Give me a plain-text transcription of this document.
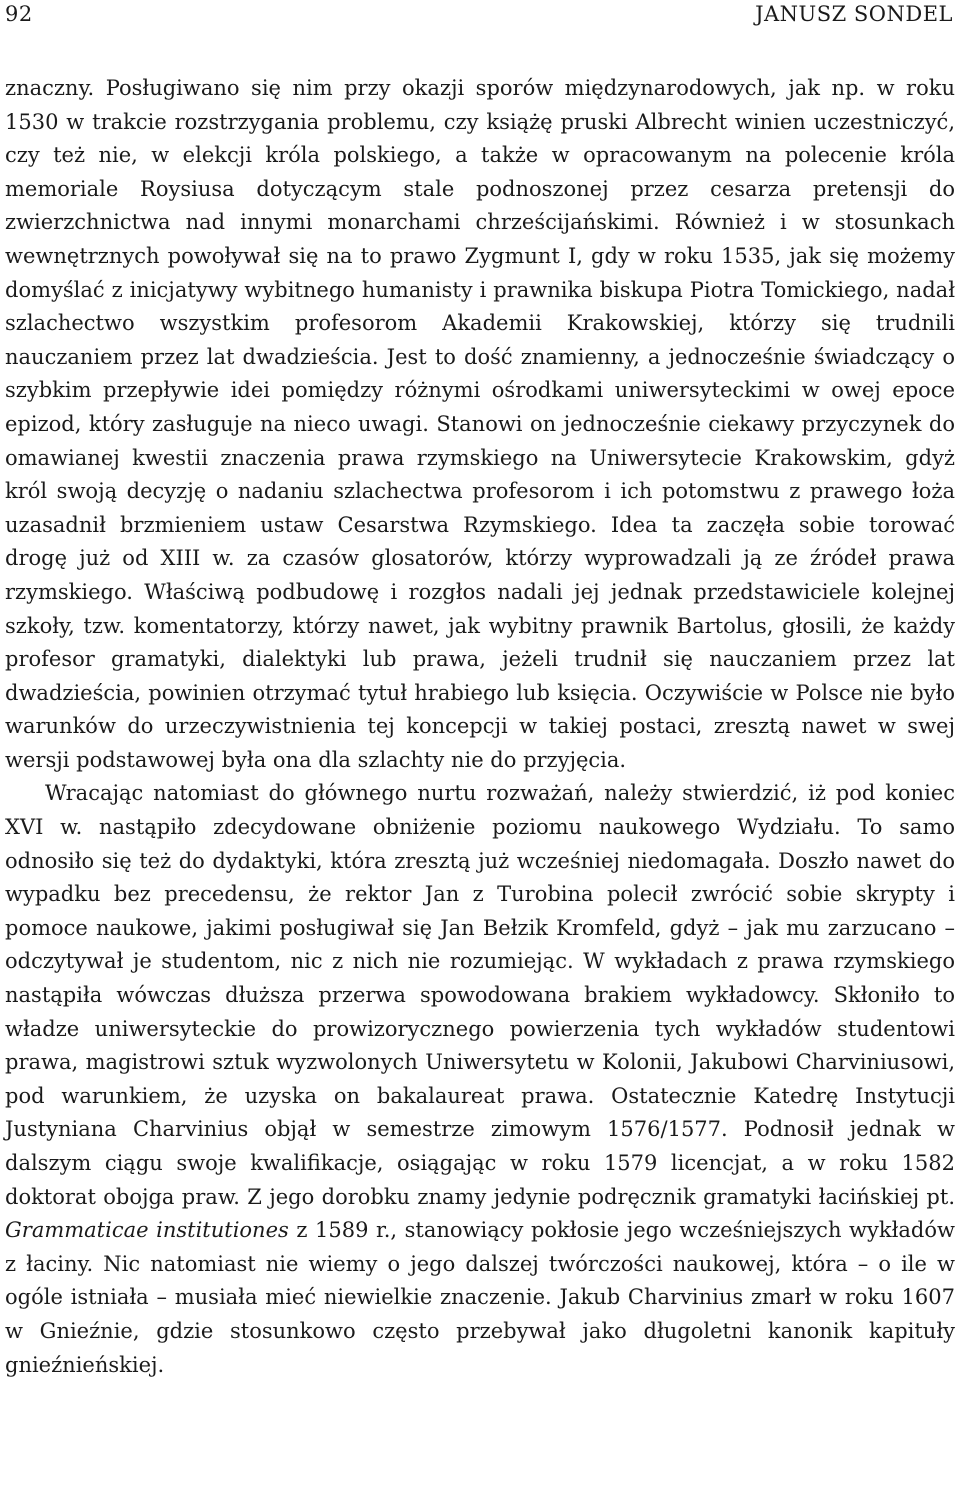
92	JANUSZ SONDEL

znaczny. Posługiwano się nim przy okazji sporów międzynarodowych, jak np. w roku 1530 w trakcie rozstrzygania problemu, czy książę pruski Albrecht winien uczestniczyć, czy też nie, w elekcji króla polskiego, a także w opracowanym na polecenie króla memoriale Roysiusa dotyczącym stale podnoszonej przez cesarza pretensji do zwierzchnictwa nad innymi monarchami chrześcijańskimi. Również i w stosunkach wewnętrznych powoływał się na to prawo Zygmunt I, gdy w roku 1535, jak się możemy domyślać z inicjatywy wybitnego humanisty i prawnika biskupa Piotra Tomickiego, nadał szlachectwo wszystkim profesorom Akademii Krakowskiej, którzy się trudnili nauczaniem przez lat dwadzieścia. Jest to dość znamienny, a jednocześnie świadczący o szybkim przepływie idei pomiędzy różnymi ośrodkami uniwersyteckimi w owej epoce epizod, który zasługuje na nieco uwagi. Stanowi on jednocześnie ciekawy przyczynek do omawianej kwestii znaczenia prawa rzymskiego na Uniwersytecie Krakowskim, gdyż król swoją decyzję o nadaniu szlachectwa profesorom i ich potomstwu z prawego łoża uzasadnił brzmieniem ustaw Cesarstwa Rzymskiego. Idea ta zaczęła sobie torować drogę już od XIII w. za czasów glosatorów, którzy wyprowadzali ją ze źródeł prawa rzymskiego. Właściwą podbudowę i rozgłos nadali jej jednak przedstawiciele kolejnej szkoły, tzw. komentatorzy, którzy nawet, jak wybitny prawnik Bartolus, głosili, że każdy profesor gramatyki, dialektyki lub prawa, jeżeli trudnił się nauczaniem przez lat dwadzieścia, powinien otrzymać tytuł hrabiego lub księcia. Oczywiście w Polsce nie było warunków do urzeczywistnienia tej koncepcji w takiej postaci, zresztą nawet w swej wersji podstawowej była ona dla szlachty nie do przyjęcia.

Wracając natomiast do głównego nurtu rozważań, należy stwierdzić, iż pod koniec XVI w. nastąpiło zdecydowane obniżenie poziomu naukowego Wydziału. To samo odnosiło się też do dydaktyki, która zresztą już wcześniej niedomagała. Doszło nawet do wypadku bez precedensu, że rektor Jan z Turobina polecił zwrócić sobie skrypty i pomoce naukowe, jakimi posługiwał się Jan Bełzik Kromfeld, gdyż – jak mu zarzucano – odczytywał je studentom, nic z nich nie rozumiejąc. W wykładach z prawa rzymskiego nastąpiła wówczas dłuższa przerwa spowodowana brakiem wykładowcy. Skłoniło to władze uniwersyteckie do prowizorycznego powierzenia tych wykładów studentowi prawa, magistrowi sztuk wyzwolonych Uniwersytetu w Kolonii, Jakubowi Charviniusowi, pod warunkiem, że uzyska on bakalaureat prawa. Ostatecznie Katedrę Instytucji Justyniana Charvinius objął w semestrze zimowym 1576/1577. Podnosił jednak w dalszym ciągu swoje kwalifikacje, osiągając w roku 1579 licencjat, a w roku 1582 doktorat obojga praw. Z jego dorobku znamy jedynie podręcznik gramatyki łacińskiej pt. Grammaticae institutiones z 1589 r., stanowiący pokłosie jego wcześniejszych wykładów z łaciny. Nic natomiast nie wiemy o jego dalszej twórczości naukowej, która – o ile w ogóle istniała – musiała mieć niewielkie znaczenie. Jakub Charvinius zmarł w roku 1607 w Gnieźnie, gdzie stosunkowo często przebywał jako długoletni kanonik kapituły gnieźnieńskiej.
